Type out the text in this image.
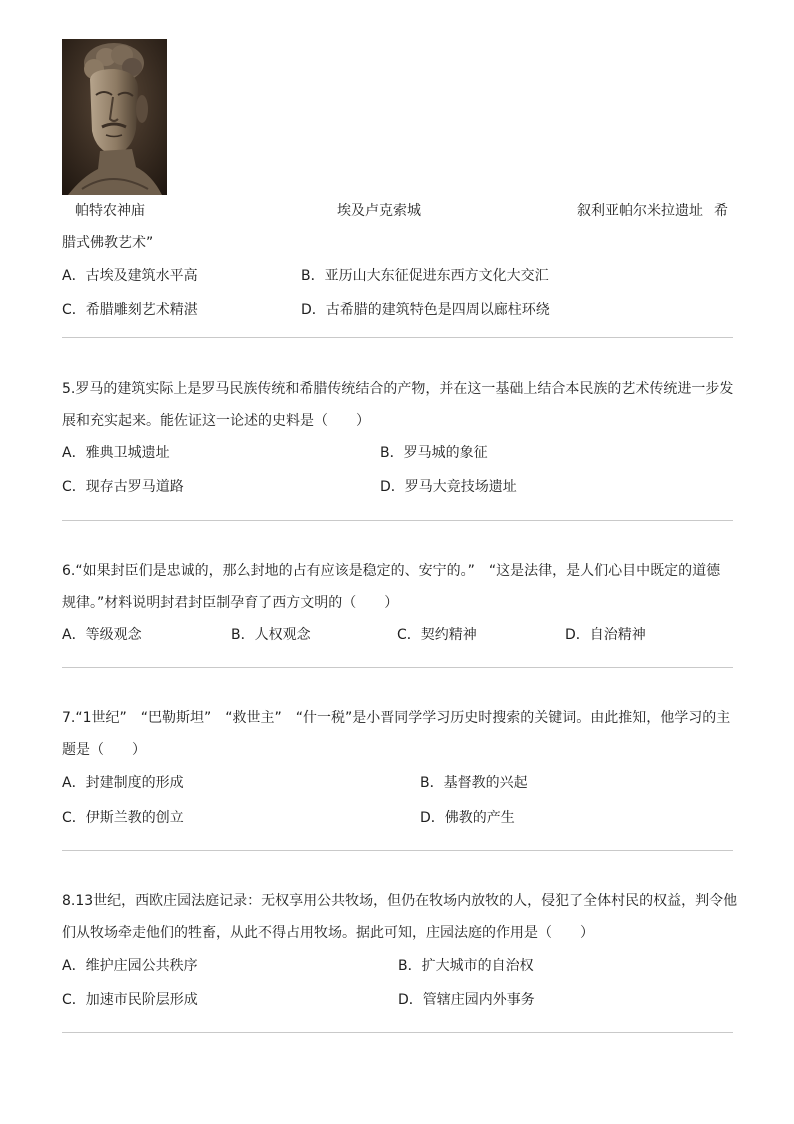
帕特农神庙	埃及卢克索城	叙利亚帕尔米拉遗址 希
腊式佛教艺术”
A．古埃及建筑水平高	B．亚历山大东征促进东西方文化大交汇
C．希腊雕刻艺术精湛	D．古希腊的建筑特色是四周以廊柱环绕
5.罗马的建筑实际上是罗马民族传统和希腊传统结合的产物，并在这一基础上结合本民族的艺术传统进一步发
展和充实起来。能佐证这一论述的史料是（　　）
A．雅典卫城遗址	B．罗马城的象征
C．现存古罗马道路	D．罗马大竞技场遗址
6.“如果封臣们是忠诚的，那么封地的占有应该是稳定的、安宁的。”　“这是法律，是人们心目中既定的道德
规律。”材料说明封君封臣制孕育了西方文明的（　　）
A．等级观念	B．人权观念	C．契约精神	D．自治精神
7.“1世纪”　“巴勒斯坦”　“救世主”　“什一税”是小晋同学学习历史时搜索的关键词。由此推知，他学习的主
题是（　　）
A．封建制度的形成	B．基督教的兴起
C．伊斯兰教的创立	D．佛教的产生
8.13世纪，西欧庄园法庭记录：无权享用公共牧场，但仍在牧场内放牧的人，侵犯了全体村民的权益，判令他
们从牧场牵走他们的牲畜，从此不得占用牧场。据此可知，庄园法庭的作用是（　　）
A．维护庄园公共秩序	B．扩大城市的自治权
C．加速市民阶层形成	D．管辖庄园内外事务
